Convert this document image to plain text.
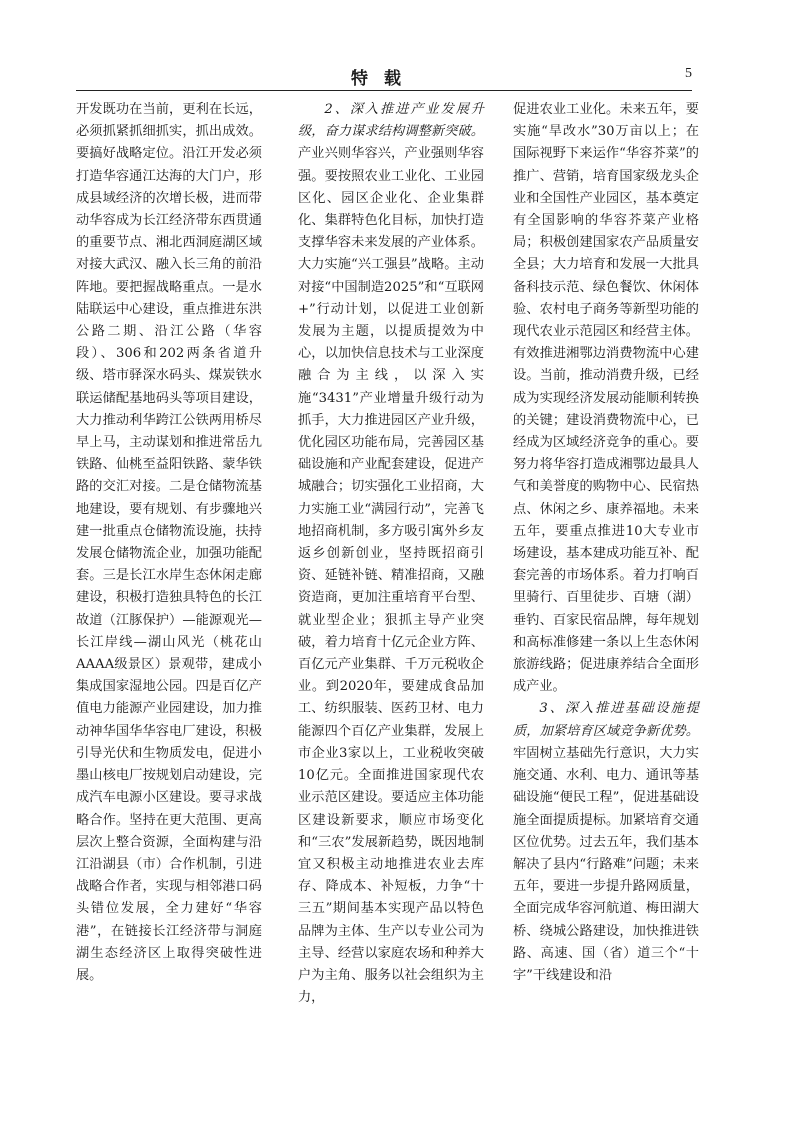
特载	5

开发既功在当前，更利在长远，必须抓紧抓细抓实，抓出成效。要搞好战略定位。沿江开发必须打造华容通江达海的大门户，形成县域经济的次增长极，进而带动华容成为长江经济带东西贯通的重要节点、湘北西洞庭湖区域对接大武汉、融入长三角的前沿阵地。要把握战略重点。一是水陆联运中心建设，重点推进东洪公路二期、沿江公路（华容段）、306和202两条省道升级、塔市驿深水码头、煤炭铁水联运储配基地码头等项目建设，大力推动利华跨江公铁两用桥尽早上马，主动谋划和推进常岳九铁路、仙桃至益阳铁路、蒙华铁路的交汇对接。二是仓储物流基地建设，要有规划、有步骤地兴建一批重点仓储物流设施，扶持发展仓储物流企业，加强功能配套。三是长江水岸生态休闲走廊建设，积极打造独具特色的长江故道（江豚保护）—能源观光—长江岸线—湖山风光（桃花山AAAA级景区）景观带，建成小集成国家湿地公园。四是百亿产值电力能源产业园建设，加力推动神华国华华容电厂建设，积极引导光伏和生物质发电，促进小墨山核电厂按规划启动建设，完成汽车电源小区建设。要寻求战略合作。坚持在更大范围、更高层次上整合资源，全面构建与沿江沿湖县（市）合作机制，引进战略合作者，实现与相邻港口码头错位发展，全力建好“华容港”，在链接长江经济带与洞庭湖生态经济区上取得突破性进展。

2、深入推进产业发展升级，奋力谋求结构调整新突破。产业兴则华容兴，产业强则华容强。要按照农业工业化、工业园区化、园区企业化、企业集群化、集群特色化目标，加快打造支撑华容未来发展的产业体系。大力实施“兴工强县”战略。主动对接“中国制造2025”和“互联网+”行动计划，以促进工业创新发展为主题，以提质提效为中心，以加快信息技术与工业深度融合为主线，以深入实施“3431”产业增量升级行动为抓手，大力推进园区产业升级，优化园区功能布局，完善园区基础设施和产业配套建设，促进产城融合；切实强化工业招商，大力实施工业“满园行动”，完善飞地招商机制，多方吸引寓外乡友返乡创新创业，坚持既招商引资、延链补链、精准招商，又融资造商，更加注重培育平台型、就业型企业；狠抓主导产业突破，着力培育十亿元企业方阵、百亿元产业集群、千万元税收企业。到2020年，要建成食品加工、纺织服装、医药卫材、电力能源四个百亿产业集群，发展上市企业3家以上，工业税收突破10亿元。全面推进国家现代农业示范区建设。要适应主体功能区建设新要求，顺应市场变化和“三农”发展新趋势，既因地制宜又积极主动地推进农业去库存、降成本、补短板，力争“十三五”期间基本实现产品以特色品牌为主体、生产以专业公司为主导、经营以家庭农场和种养大户为主角、服务以社会组织为主力，

促进农业工业化。未来五年，要实施“旱改水”30万亩以上；在国际视野下来运作“华容芥菜”的推广、营销，培育国家级龙头企业和全国性产业园区，基本奠定有全国影响的华容芥菜产业格局；积极创建国家农产品质量安全县；大力培育和发展一大批具备科技示范、绿色餐饮、休闲体验、农村电子商务等新型功能的现代农业示范园区和经营主体。有效推进湘鄂边消费物流中心建设。当前，推动消费升级，已经成为实现经济发展动能顺利转换的关键；建设消费物流中心，已经成为区域经济竞争的重心。要努力将华容打造成湘鄂边最具人气和美誉度的购物中心、民宿热点、休闲之乡、康养福地。未来五年，要重点推进10大专业市场建设，基本建成功能互补、配套完善的市场体系。着力打响百里骑行、百里徒步、百塘（湖）垂钓、百家民宿品牌，每年规划和高标准修建一条以上生态休闲旅游线路；促进康养结合全面形成产业。

3、深入推进基础设施提质，加紧培育区域竞争新优势。牢固树立基础先行意识，大力实施交通、水利、电力、通讯等基础设施“便民工程”，促进基础设施全面提质提标。加紧培育交通区位优势。过去五年，我们基本解决了县内“行路难”问题；未来五年，要进一步提升路网质量，全面完成华容河航道、梅田湖大桥、绕城公路建设，加快推进铁路、高速、国（省）道三个“十字”干线建设和沿
